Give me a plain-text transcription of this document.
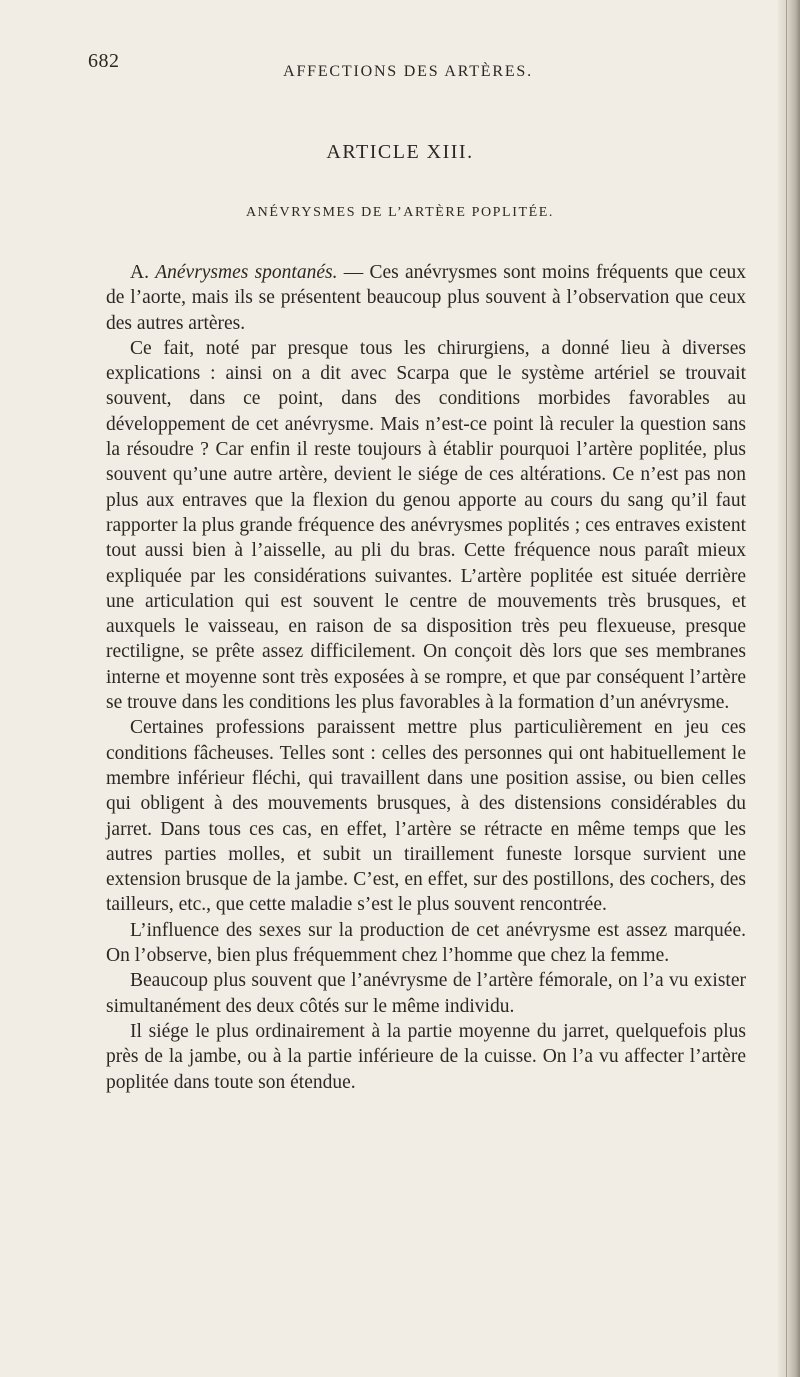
682	AFFECTIONS DES ARTÈRES.
ARTICLE XIII.
ANÉVRYSMES DE L’ARTÈRE POPLITÉE.

A. Anévrysmes spontanés. — Ces anévrysmes sont moins fréquents que ceux de l’aorte, mais ils se présentent beaucoup plus souvent à l’observation que ceux des autres artères.

Ce fait, noté par presque tous les chirurgiens, a donné lieu à diverses explications : ainsi on a dit avec Scarpa que le système artériel se trouvait souvent, dans ce point, dans des conditions morbides favorables au développement de cet anévrysme. Mais n’est-ce point là reculer la question sans la résoudre ? Car enfin il reste toujours à établir pourquoi l’artère poplitée, plus souvent qu’une autre artère, devient le siége de ces altérations. Ce n’est pas non plus aux entraves que la flexion du genou apporte au cours du sang qu’il faut rapporter la plus grande fréquence des anévrysmes poplités ; ces entraves existent tout aussi bien à l’aisselle, au pli du bras. Cette fréquence nous paraît mieux expliquée par les considérations suivantes. L’artère poplitée est située derrière une articulation qui est souvent le centre de mouvements très brusques, et auxquels le vaisseau, en raison de sa disposition très peu flexueuse, presque rectiligne, se prête assez difficilement. On conçoit dès lors que ses membranes interne et moyenne sont très exposées à se rompre, et que par conséquent l’artère se trouve dans les conditions les plus favorables à la formation d’un anévrysme.

Certaines professions paraissent mettre plus particulièrement en jeu ces conditions fâcheuses. Telles sont : celles des personnes qui ont habituellement le membre inférieur fléchi, qui travaillent dans une position assise, ou bien celles qui obligent à des mouvements brusques, à des distensions considérables du jarret. Dans tous ces cas, en effet, l’artère se rétracte en même temps que les autres parties molles, et subit un tiraillement funeste lorsque survient une extension brusque de la jambe. C’est, en effet, sur des postillons, des cochers, des tailleurs, etc., que cette maladie s’est le plus souvent rencontrée.

L’influence des sexes sur la production de cet anévrysme est assez marquée. On l’observe, bien plus fréquemment chez l’homme que chez la femme.

Beaucoup plus souvent que l’anévrysme de l’artère fémorale, on l’a vu exister simultanément des deux côtés sur le même individu.

Il siége le plus ordinairement à la partie moyenne du jarret, quelquefois plus près de la jambe, ou à la partie inférieure de la cuisse. On l’a vu affecter l’artère poplitée dans toute son étendue.
